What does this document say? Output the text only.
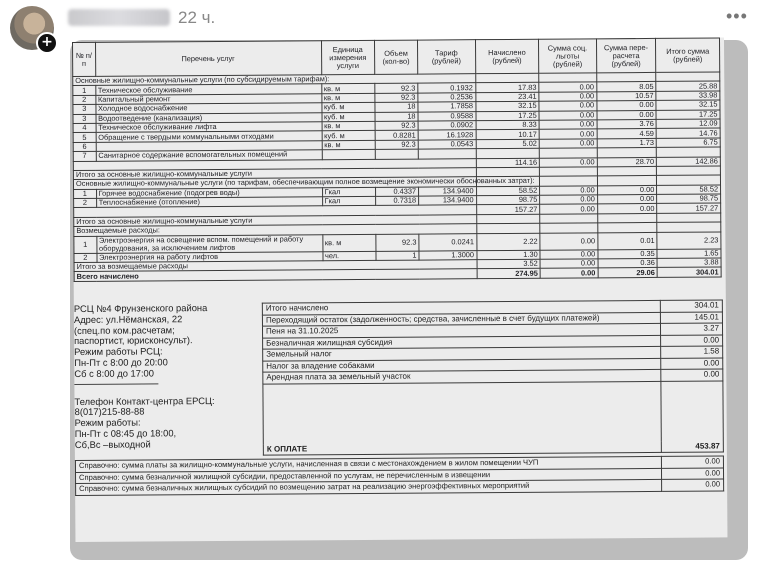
+
22 ч.	•••
№ п/п	Перечень услуг	Единица измерения услуги	Объем (кол-во)	Тариф (рублей)	Начислено (рублей)	Сумма соц. льготы (рублей)	Сумма пере-расчета (рублей)	Итого сумма (рублей)
Основные жилищно-коммунальные услуги (по субсидируемым тарифам):								
1	Техническое обслуживание	кв. м	92.3	0.1932	17.83	0.00	8.05	25.88
2	Капитальный ремонт	кв. м	92.3	0.2536	23.41	0.00	10.57	33.98
3	Холодное водоснабжение	куб. м	18	1.7858	32.15	0.00	0.00	32.15
3	Водоотведение (канализация)	куб. м	18	0.9588	17.25	0.00	0.00	17.25
4	Техническое обслуживание лифта	кв. м	92.3	0.0902	8.33	0.00	3.76	12.09
5	Обращение с твердыми коммунальными отходами	куб. м	0.8281	16.1928	10.17	0.00	4.59	14.76
6		кв. м	92.3	0.0543	5.02	0.00	1.73	6.75
7	Санитарное содержание вспомогательных помещений							
					114.16	0.00	28.70	142.86
Итого за основные жилищно-коммунальные услуги								
Основные жилищно-коммунальные услуги (по тарифам, обеспечивающим полное возмещение экономически обоснованных затрат):								
1	Горячее водоснабжение (подогрев воды)	Гкал	0.4337	134.9400	58.52	0.00	0.00	58.52
2	Теплоснабжение (отопление)	Гкал	0.7318	134.9400	98.75	0.00	0.00	98.75
					157.27	0.00	0.00	157.27
Итого за основные жилищно-коммунальные услуги								
Возмещаемые расходы:								
1	Электроэнергия на освещение вспом. помещений и работу оборудования, за исключением лифтов	кв. м	92.3	0.0241	2.22	0.00	0.01	2.23
2	Электроэнергия на работу лифтов	чел.	1	1.3000	1.30	0.00	0.35	1.65
Итого за возмещаемые расходы					3.52	0.00	0.36	3.88
Всего начислено					274.95	0.00	29.06	304.01
РСЦ №4 Фрунзенского района
Адрес: ул.Нёманская, 22
(спец.по ком.расчетам;
паспортист, юрисконсульт).
Режим работы РСЦ:
Пн-Пт с 8:00 до 20:00
Сб с 8:00 до 17:00
Телефон Контакт-центра ЕРСЦ:
8(017)215-88-88
Режим работы:
Пн-Пт с 08:45 до 18:00,
Сб,Вс –выходной
Итого начислено	304.01
Переходящий остаток (задолженность; средства, зачисленные в счет будущих платежей)	145.01
Пеня на 31.10.2025	3.27
Безналичная жилищная субсидия	0.00
Земельный налог	1.58
Налог за владение собаками	0.00
Арендная плата за земельный участок	0.00

К ОПЛАТЕ	453.87
Справочно: сумма платы за жилищно-коммунальные услуги, начисленная в связи с местонахождением в жилом помещении ЧУП	0.00
Справочно: сумма безналичной жилищной субсидии, предоставленной по услугам, не перечисленным в извещении	0.00
Справочно: сумма безналичных жилищных субсидий по возмещению затрат на реализацию энергоэффективных мероприятий	0.00
